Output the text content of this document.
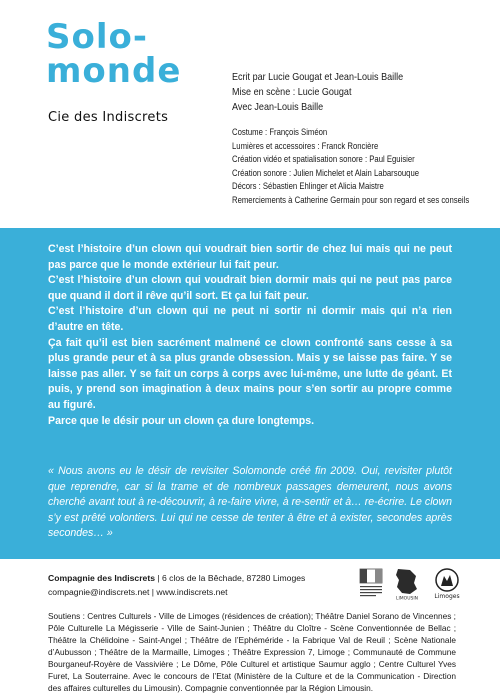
Solo-
monde
Cie des Indiscrets
Ecrit par Lucie Gougat et Jean-Louis Baille
Mise en scène : Lucie Gougat
Avec Jean-Louis Baille
Costume : François Siméon
Lumières et accessoires : Franck Roncière
Création vidéo et spatialisation sonore : Paul Eguisier
Création sonore : Julien Michelet et Alain Labarsouque
Décors : Sébastien Ehlinger et Alicia Maistre
Remerciements à Catherine Germain pour son regard et ses conseils

C’est l’histoire d’un clown qui voudrait bien sortir de chez lui mais qui ne peut pas parce que le monde extérieur lui fait peur.

C’est l’histoire d’un clown qui voudrait bien dormir mais qui ne peut pas parce que quand il dort il rêve qu’il sort. Et ça lui fait peur.

C’est l’histoire d’un clown qui ne peut ni sortir ni dormir mais qui n’a rien d’autre en tête.

Ça fait qu’il est bien sacrément malmené ce clown confronté sans cesse à sa plus grande peur et à sa plus grande obsession. Mais y se laisse pas faire. Y se laisse pas aller. Y se fait un corps à corps avec lui-même, une lutte de géant. Et puis, y prend son imagination à deux mains pour s’en sortir au propre comme au figuré.

Parce que le désir pour un clown ça dure longtemps.

« Nous avons eu le désir de revisiter Solomonde créé fin 2009. Oui, revisiter plutôt que reprendre, car si la trame et de nombreux passages demeurent, nous avons cherché avant tout à re-découvrir, à re-faire vivre, à re-sentir et à… re-écrire. Le clown s’y est prêté volontiers. Lui qui ne cesse de tenter à être et à exister, secondes après secondes… »

Compagnie des Indiscrets | 6 clos de la Bêchade, 87280 Limoges
compagnie@indiscrets.net | www.indiscrets.net
LIMOUSIN	Limoges

Soutiens : Centres Culturels - Ville de Limoges (résidences de création); Théâtre Daniel Sorano de Vincennes ; Pôle Culturelle La Mégisserie - Ville de Saint-Junien ; Théâtre du Cloître - Scène Conventionnée de Bellac ; Théâtre la Chélidoine - Saint-Angel ; Théâtre de l’Ephéméride - la Fabrique Val de Reuil ; Scène Nationale d’Aubusson ; Théâtre de la Marmaille, Limoges ; Théâtre Expression 7, Limoge ; Communauté de Commune Bourganeuf-Royère de Vassivière ; Le Dôme, Pôle Culturel et artistique Saumur agglo ; Centre Culturel Yves Furet, La Souterraine. Avec le concours de l’Etat (Ministère de la Culture et de la Communication - Direction des affaires culturelles du Limousin). Compagnie conventionnée par la Région Limousin.
